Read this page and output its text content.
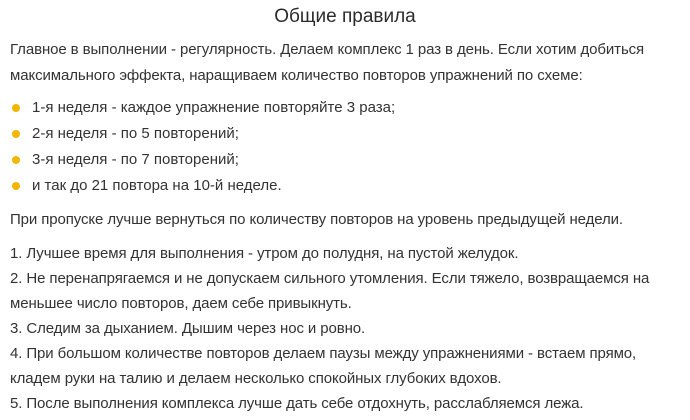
Общие правила

Главное в выполнении - регулярность. Делаем комплекс 1 раз в день. Если хотим добиться максимального эффекта, наращиваем количество повторов упражнений по схеме:

1-я неделя - каждое упражнение повторяйте 3 раза;
2-я неделя - по 5 повторений;
3-я неделя - по 7 повторений;
и так до 21 повтора на 10-й неделе.

При пропуске лучше вернуться по количеству повторов на уровень предыдущей недели.

1. Лучшее время для выполнения - утром до полудня, на пустой желудок.
2. Не перенапрягаемся и не допускаем сильного утомления. Если тяжело, возвращаемся на меньшее число повторов, даем себе привыкнуть.
3. Следим за дыханием. Дышим через нос и ровно.
4. При большом количестве повторов делаем паузы между упражнениями - встаем прямо, кладем руки на талию и делаем несколько спокойных глубоких вдохов.
5. После выполнения комплекса лучше дать себе отдохнуть, расслабляемся лежа.
